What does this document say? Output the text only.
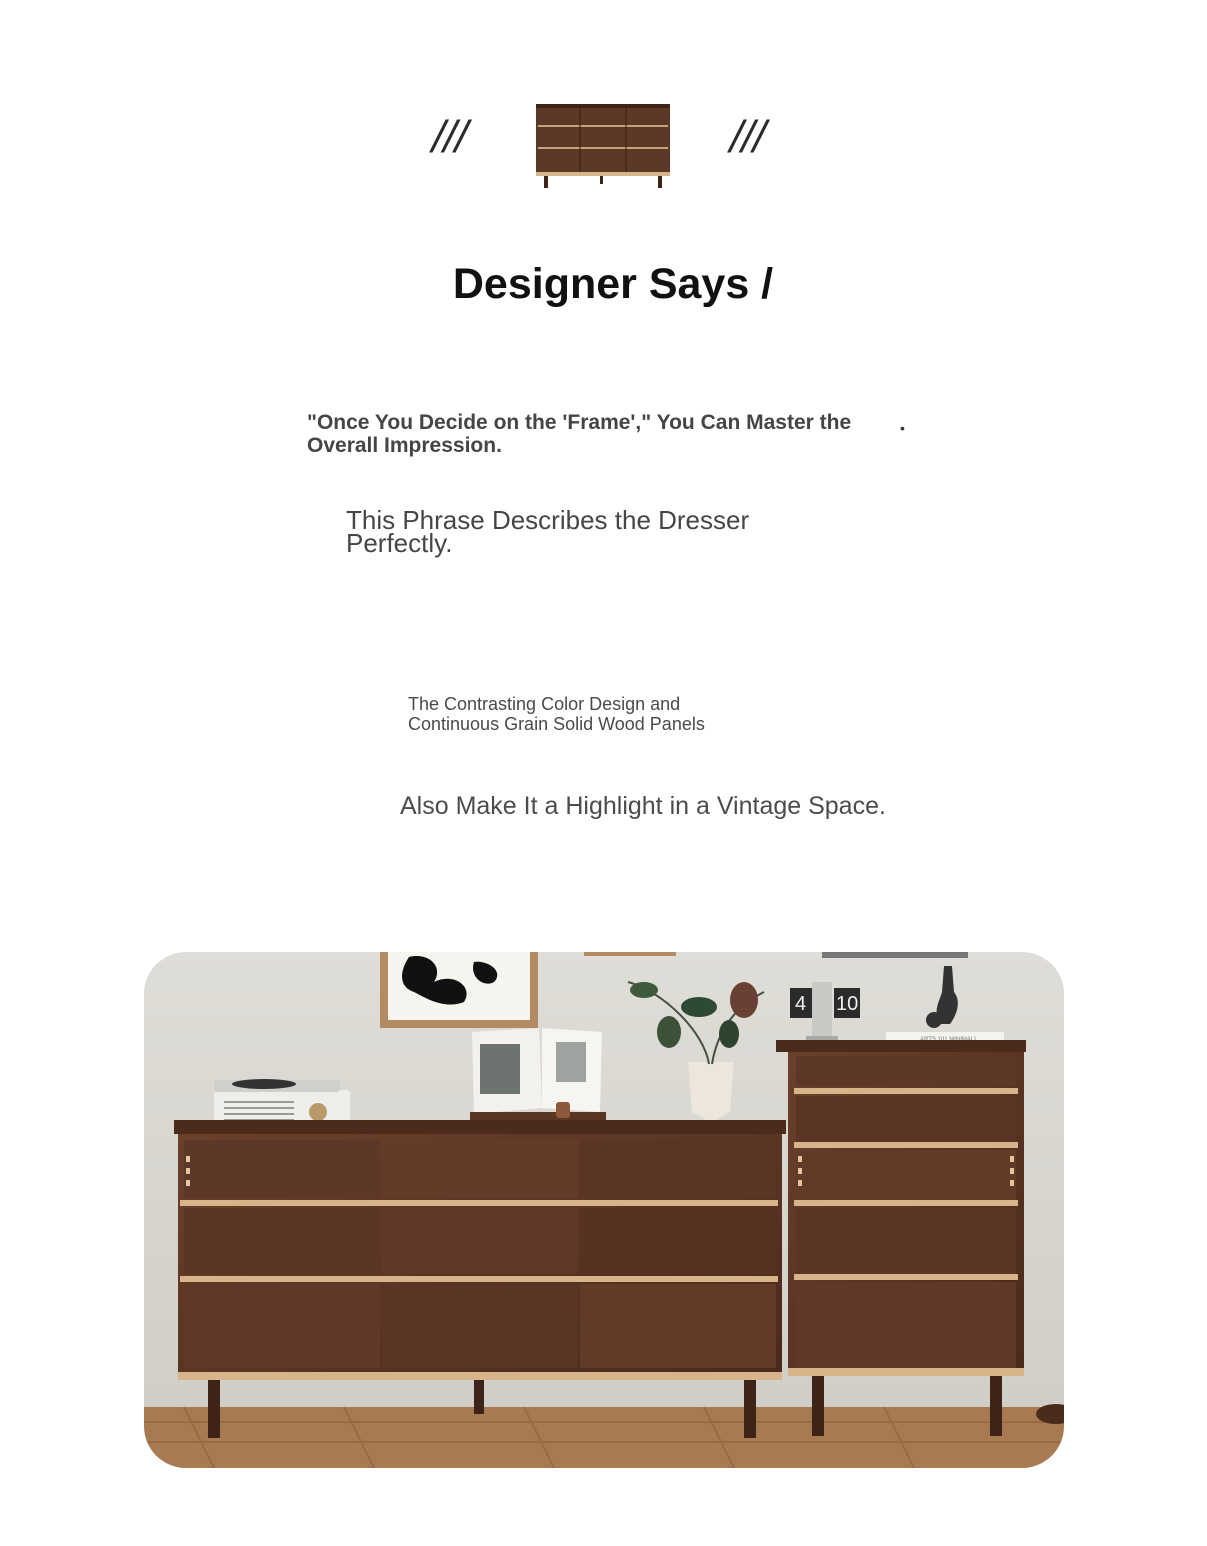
///	///
Designer Says /
"Once You Decide on the 'Frame'," You Can Master the Overall Impression.
•
This Phrase Describes the Dresser Perfectly.
The Contrasting Color Design and Continuous Grain Solid Wood Panels
Also Make It a Highlight in a Vintage Space.
4 10
